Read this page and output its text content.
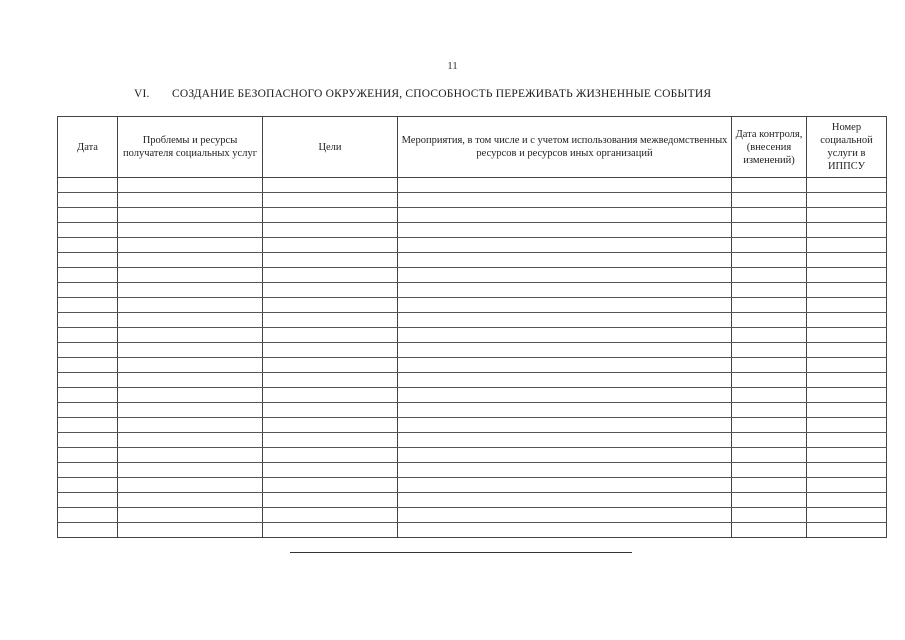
11
VI. СОЗДАНИЕ БЕЗОПАСНОГО ОКРУЖЕНИЯ, СПОСОБНОСТЬ ПЕРЕЖИВАТЬ ЖИЗНЕННЫЕ СОБЫТИЯ
Дата	Проблемы и ресурсы получателя социальных услуг	Цели	Мероприятия, в том числе и с учетом использования межведомственных ресурсов и ресурсов иных организаций	Дата контроля, (внесения изменений)	Номер социальной услуги в ИППСУ
